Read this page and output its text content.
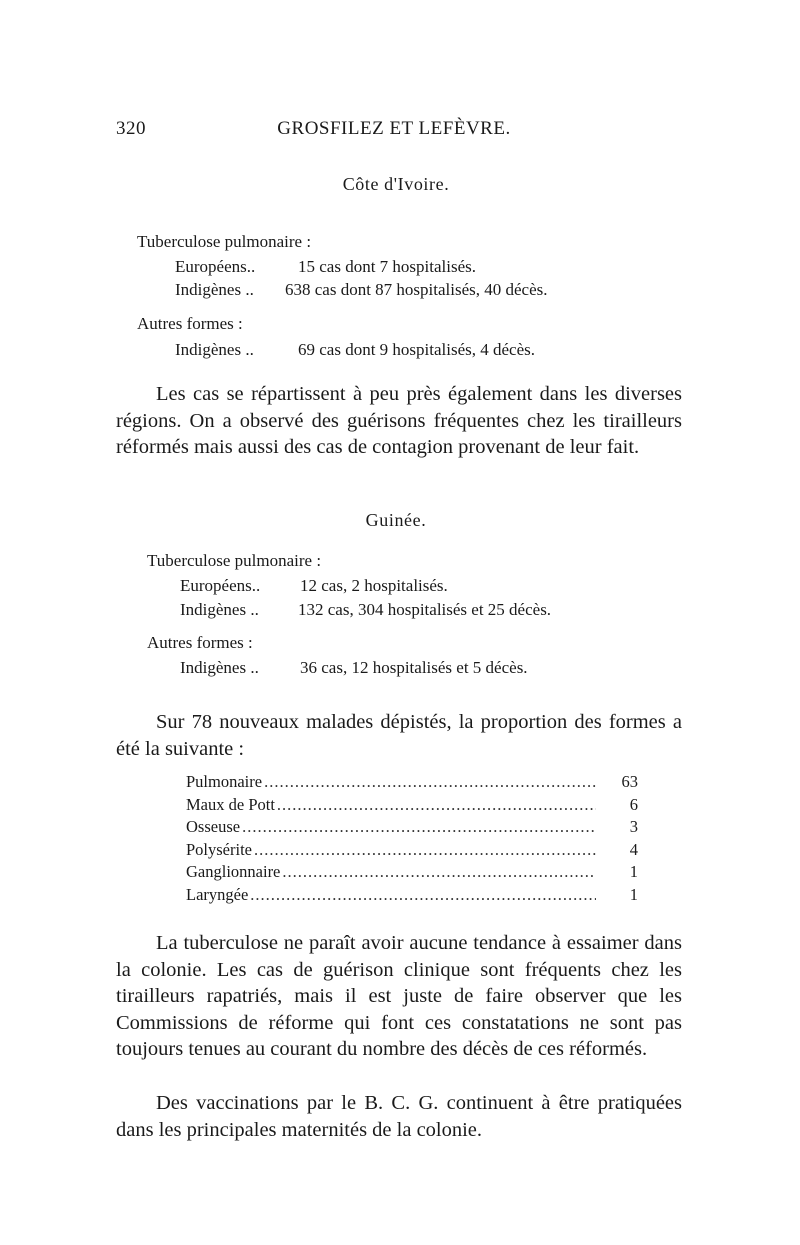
320	GROSFILEZ ET LEFÈVRE.
Côte d'Ivoire.
Tuberculose pulmonaire :
Européens..	15 cas dont 7 hospitalisés.
Indigènes .. 638 cas dont 87 hospitalisés, 40 décès.
Autres formes :
Indigènes ..	69 cas dont 9 hospitalisés, 4 décès.
Les cas se répartissent à peu près également dans les diverses régions. On a observé des guérisons fréquentes chez les tirailleurs réformés mais aussi des cas de contagion provenant de leur fait.
Guinée.
Tuberculose pulmonaire :
Européens.. 12 cas, 2 hospitalisés.
Indigènes .. 132 cas, 304 hospitalisés et 25 décès.
Autres formes :
Indigènes .. 36 cas, 12 hospitalisés et 5 décès.
Sur 78 nouveaux malades dépistés, la proportion des formes a été la suivante :
Pulmonaire .....	63
Maux de Pott .....	6
Osseuse .....	3
Polysérite .....	4
Ganglionnaire .....	1
Laryngée .....	1
La tuberculose ne paraît avoir aucune tendance à essaimer dans la colonie. Les cas de guérison clinique sont fréquents chez les tirailleurs rapatriés, mais il est juste de faire observer que les Commissions de réforme qui font ces constatations ne sont pas toujours tenues au courant du nombre des décès de ces réformés.
Des vaccinations par le B. C. G. continuent à être pratiquées dans les principales maternités de la colonie.
